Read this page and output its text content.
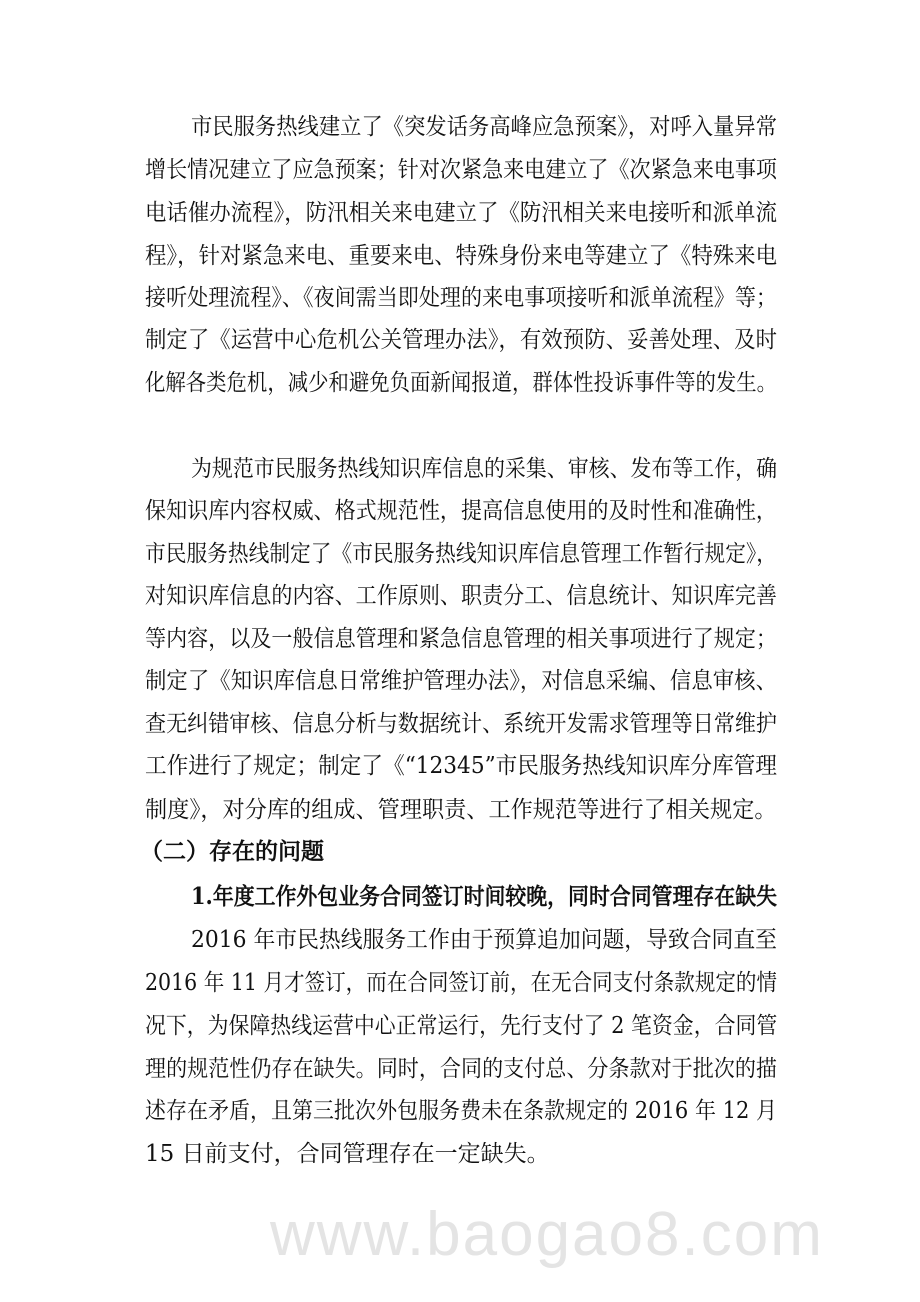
www.baogao8.com
市民服务热线建立了《突发话务高峰应急预案》，对呼入量异常
增长情况建立了应急预案；针对次紧急来电建立了《次紧急来电事项
电话催办流程》，防汛相关来电建立了《防汛相关来电接听和派单流
程》，针对紧急来电、重要来电、特殊身份来电等建立了《特殊来电
接听处理流程》、《夜间需当即处理的来电事项接听和派单流程》等；
制定了《运营中心危机公关管理办法》，有效预防、妥善处理、及时
化解各类危机，减少和避免负面新闻报道，群体性投诉事件等的发生。
为规范市民服务热线知识库信息的采集、审核、发布等工作，确
保知识库内容权威、格式规范性，提高信息使用的及时性和准确性，
市民服务热线制定了《市民服务热线知识库信息管理工作暂行规定》，
对知识库信息的内容、工作原则、职责分工、信息统计、知识库完善
等内容，以及一般信息管理和紧急信息管理的相关事项进行了规定；
制定了《知识库信息日常维护管理办法》，对信息采编、信息审核、
查无纠错审核、信息分析与数据统计、系统开发需求管理等日常维护
工作进行了规定；制定了《“12345”市民服务热线知识库分库管理
制度》，对分库的组成、管理职责、工作规范等进行了相关规定。
（二）存在的问题
1.年度工作外包业务合同签订时间较晚，同时合同管理存在缺失
2016 年市民热线服务工作由于预算追加问题，导致合同直至
2016 年 11 月才签订，而在合同签订前，在无合同支付条款规定的情
况下，为保障热线运营中心正常运行，先行支付了 2 笔资金，合同管
理的规范性仍存在缺失。同时，合同的支付总、分条款对于批次的描
述存在矛盾，且第三批次外包服务费未在条款规定的 2016 年 12 月
15 日前支付，合同管理存在一定缺失。
